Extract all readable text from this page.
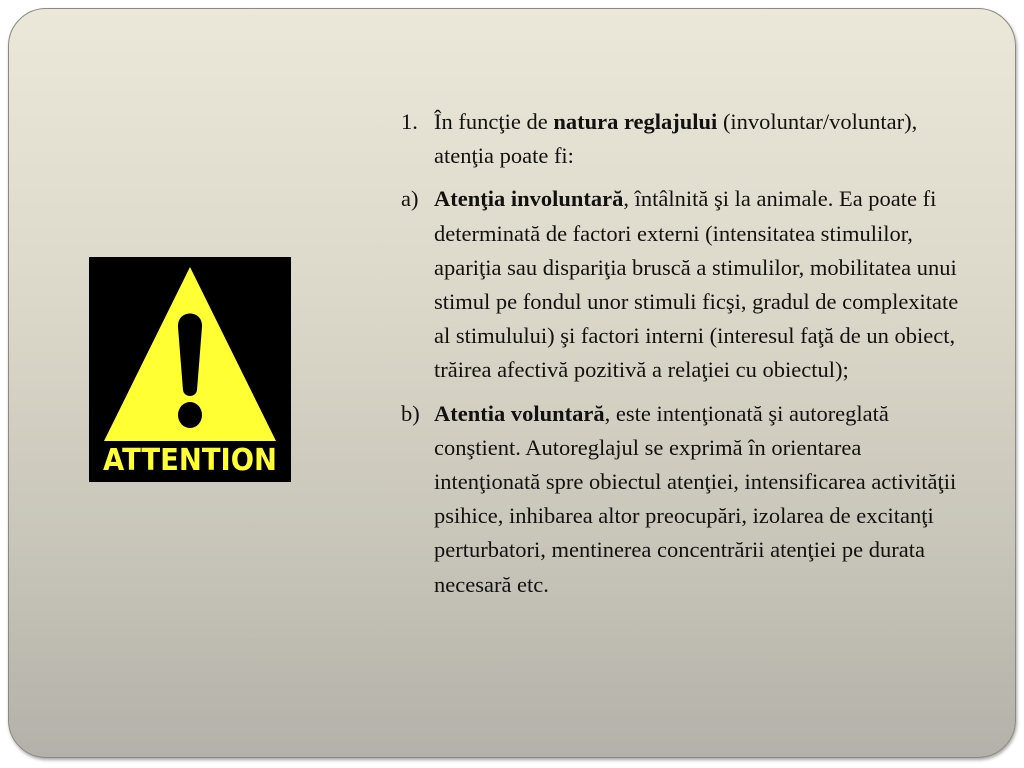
ATTENTION

1. În funcţie de natura reglajului (involuntar/voluntar), atenţia poate fi:

a) Atenţia involuntară, întâlnită şi la animale. Ea poate fi determinată de factori externi (intensitatea stimulilor, apariţia sau dispariţia bruscă a stimulilor, mobilitatea unui stimul pe fondul unor stimuli ficşi, gradul de complexitate al stimulului) şi factori interni (interesul faţă de un obiect, trăirea afectivă pozitivă a relaţiei cu obiectul);

b) Atentia voluntară, este intenţionată şi autoreglată conştient. Autoreglajul se exprimă în orientarea intenţionată spre obiectul atenţiei, intensificarea activităţii psihice, inhibarea altor preocupări, izolarea de excitanţi perturbatori, mentinerea concentrării atenţiei pe durata necesară etc.
